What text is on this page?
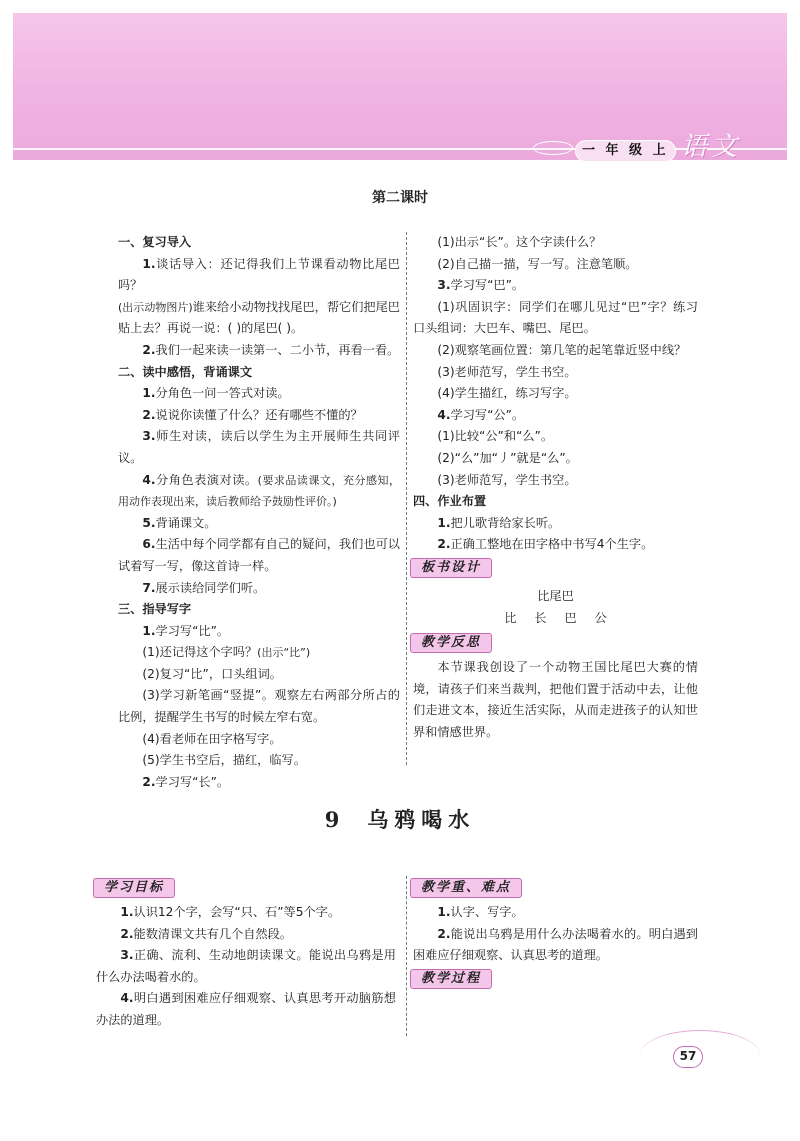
一 年 级 上 语文
第二课时
一、复习导入
1.谈话导入：还记得我们上节课看动物比尾巴吗？
(出示动物图片)谁来给小动物找找尾巴，帮它们把尾巴贴上去？再说一说：( )的尾巴( )。
2.我们一起来读一读第一、二小节，再看一看。
二、读中感悟，背诵课文
1.分角色一问一答式对读。
2.说说你读懂了什么？还有哪些不懂的？
3.师生对读，读后以学生为主开展师生共同评议。
4.分角色表演对读。(要求品读课文，充分感知，用动作表现出来，读后教师给予鼓励性评价。)
5.背诵课文。
6.生活中每个同学都有自己的疑问，我们也可以试着写一写，像这首诗一样。
7.展示读给同学们听。
三、指导写字
1.学习写“比”。
(1)还记得这个字吗？(出示“比”)
(2)复习“比”，口头组词。
(3)学习新笔画“竖提”。观察左右两部分所占的比例，提醒学生书写的时候左窄右宽。
(4)看老师在田字格写字。
(5)学生书空后，描红，临写。
2.学习写“长”。
(1)出示“长”。这个字读什么？
(2)自己描一描，写一写。注意笔顺。
3.学习写“巴”。
(1)巩固识字：同学们在哪儿见过“巴”字？练习口头组词：大巴车、嘴巴、尾巴。
(2)观察笔画位置：第几笔的起笔靠近竖中线？
(3)老师范写，学生书空。
(4)学生描红，练习写字。
4.学习写“公”。
(1)比较“公”和“么”。
(2)“么”加“丿”就是“么”。
(3)老师范写，学生书空。
四、作业布置
1.把儿歌背给家长听。
2.正确工整地在田字格中书写4个生字。
板书设计
比尾巴
比 长 巴 公
教学反思
本节课我创设了一个动物王国比尾巴大赛的情境，请孩子们来当裁判，把他们置于活动中去，让他们走进文本，接近生活实际，从而走进孩子的认知世界和情感世界。
9 乌鸦喝水
学习目标
1.认识12个字，会写“只、石”等5个字。
2.能数清课文共有几个自然段。
3.正确、流利、生动地朗读课文。能说出乌鸦是用什么办法喝着水的。
4.明白遇到困难应仔细观察、认真思考开动脑筋想办法的道理。
教学重、难点
1.认字、写字。
2.能说出乌鸦是用什么办法喝着水的。明白遇到困难应仔细观察、认真思考的道理。
教学过程
57
